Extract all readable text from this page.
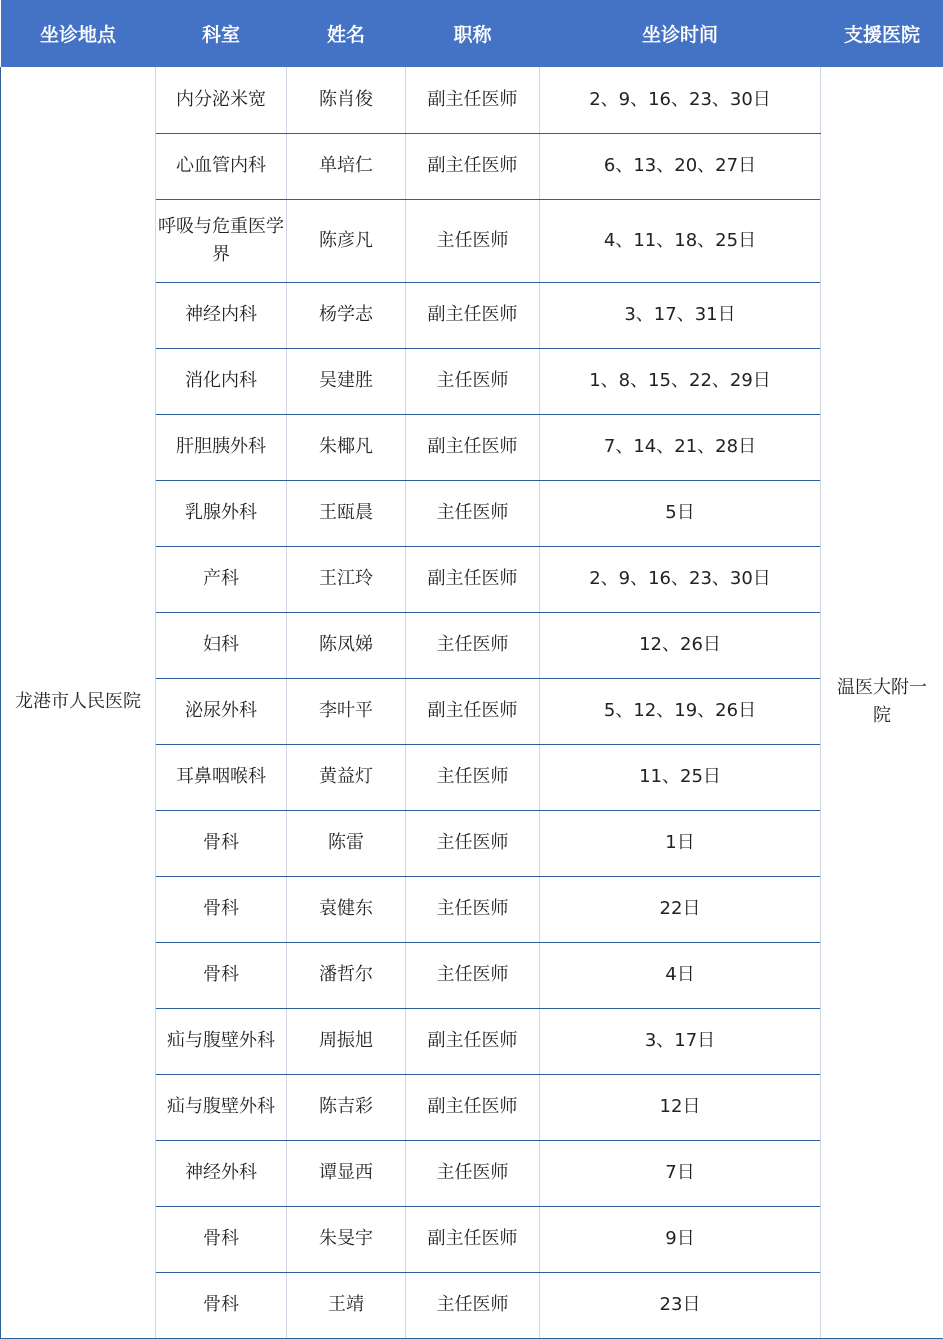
坐诊地点	科室	姓名	职称	坐诊时间	支援医院
龙港市人民医院	内分泌米宽	陈肖俊	副主任医师	2、9、16、23、30日	温医大附一院
	心血管内科	单培仁	副主任医师	6、13、20、27日	
	呼吸与危重医学界	陈彦凡	主任医师	4、11、18、25日	
	神经内科	杨学志	副主任医师	3、17、31日	
	消化内科	吴建胜	主任医师	1、8、15、22、29日	
	肝胆胰外科	朱椰凡	副主任医师	7、14、21、28日	
	乳腺外科	王瓯晨	主任医师	5日	
	产科	王江玲	副主任医师	2、9、16、23、30日	
	妇科	陈凤娣	主任医师	12、26日	
	泌尿外科	李叶平	副主任医师	5、12、19、26日	
	耳鼻咽喉科	黄益灯	主任医师	11、25日	
	骨科	陈雷	主任医师	1日	
	骨科	袁健东	主任医师	22日	
	骨科	潘哲尔	主任医师	4日	
	疝与腹壁外科	周振旭	副主任医师	3、17日	
	疝与腹壁外科	陈吉彩	副主任医师	12日	
	神经外科	谭显西	主任医师	7日	
	骨科	朱旻宇	副主任医师	9日	
	骨科	王靖	主任医师	23日	
